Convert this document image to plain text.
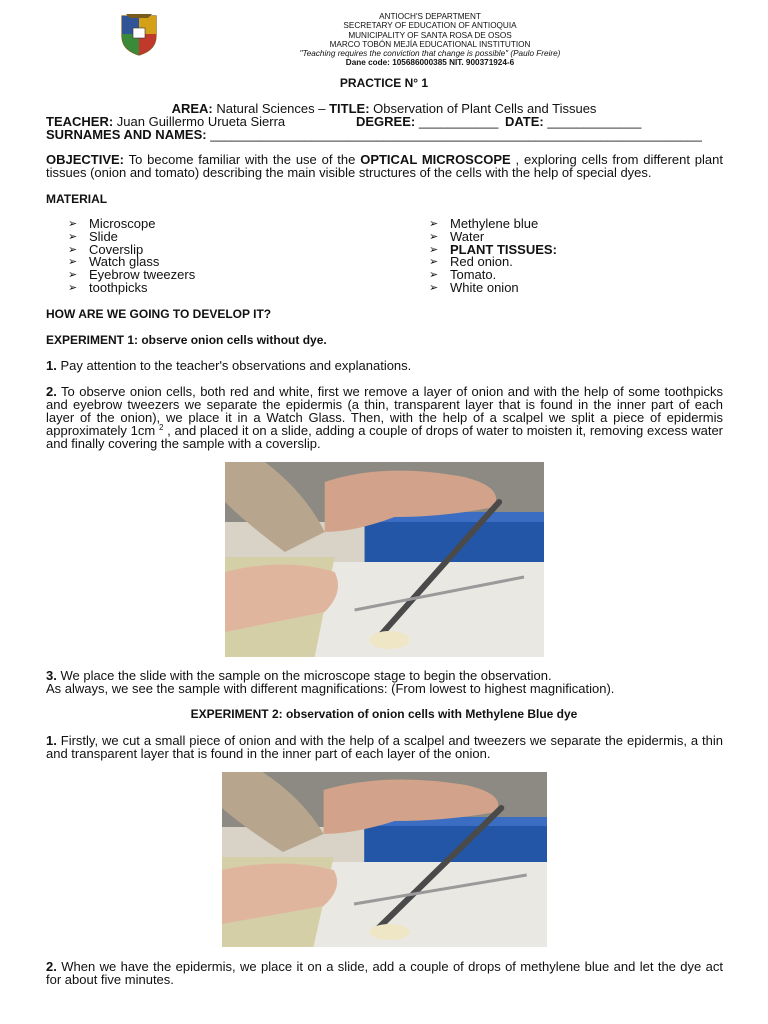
ANTIOCH'S DEPARTMENT
SECRETARY OF EDUCATION OF ANTIOQUIA
MUNICIPALITY OF SANTA ROSA DE OSOS
MARCO TOBÓN MEJÍA EDUCATIONAL INSTITUTION
"Teaching requires the conviction that change is possible" (Paulo Freire)
Dane code: 105686000385 NIT. 900371924-6
PRACTICE N° 1
AREA: Natural Sciences – TITLE: Observation of Plant Cells and Tissues
TEACHER: Juan Guillermo Urueta Sierra	DEGREE: ___________ DATE: _____________
SURNAMES AND NAMES: ____________________________________________________________________
OBJECTIVE: To become familiar with the use of the OPTICAL MICROSCOPE , exploring cells from different plant tissues (onion and tomato) describing the main visible structures of the cells with the help of special dyes.
MATERIAL
➢ Microscope
➢ Slide
➢ Coverslip
➢ Watch glass
➢ Eyebrow tweezers
➢ toothpicks
➢ Methylene blue
➢ Water
➢ PLANT TISSUES:
➢ Red onion.
➢ Tomato.
➢ White onion
HOW ARE WE GOING TO DEVELOP IT?
EXPERIMENT 1: observe onion cells without dye.
1. Pay attention to the teacher's observations and explanations.
2. To observe onion cells, both red and white, first we remove a layer of onion and with the help of some toothpicks and eyebrow tweezers we separate the epidermis (a thin, transparent layer that is found in the inner part of each layer of the onion), we place it in a Watch Glass. Then, with the help of a scalpel we split a piece of epidermis approximately 1cm $^2$ , and placed it on a slide, adding a couple of drops of water to moisten it, removing excess water and finally covering the sample with a coverslip.
3. We place the slide with the sample on the microscope stage to begin the observation.
As always, we see the sample with different magnifications: (From lowest to highest magnification).
EXPERIMENT 2: observation of onion cells with Methylene Blue dye
1. Firstly, we cut a small piece of onion and with the help of a scalpel and tweezers we separate the epidermis, a thin and transparent layer that is found in the inner part of each layer of the onion.
2. When we have the epidermis, we place it on a slide, add a couple of drops of methylene blue and let the dye act for about five minutes.
